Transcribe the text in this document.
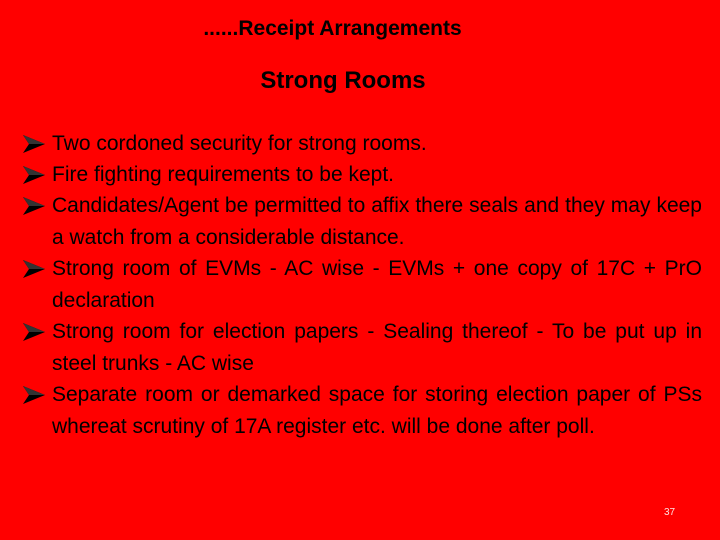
......Receipt Arrangements
Strong Rooms
Two cordoned security for strong rooms.
Fire fighting requirements to be kept.
Candidates/Agent be permitted to affix there seals and they may keep a watch from a considerable distance.
Strong room of EVMs - AC wise - EVMs + one copy of 17C + PrO declaration
Strong room for election papers - Sealing thereof - To be put up in steel trunks - AC wise
Separate room or demarked space for storing election paper of PSs whereat scrutiny of 17A register etc. will be done after poll.
37
